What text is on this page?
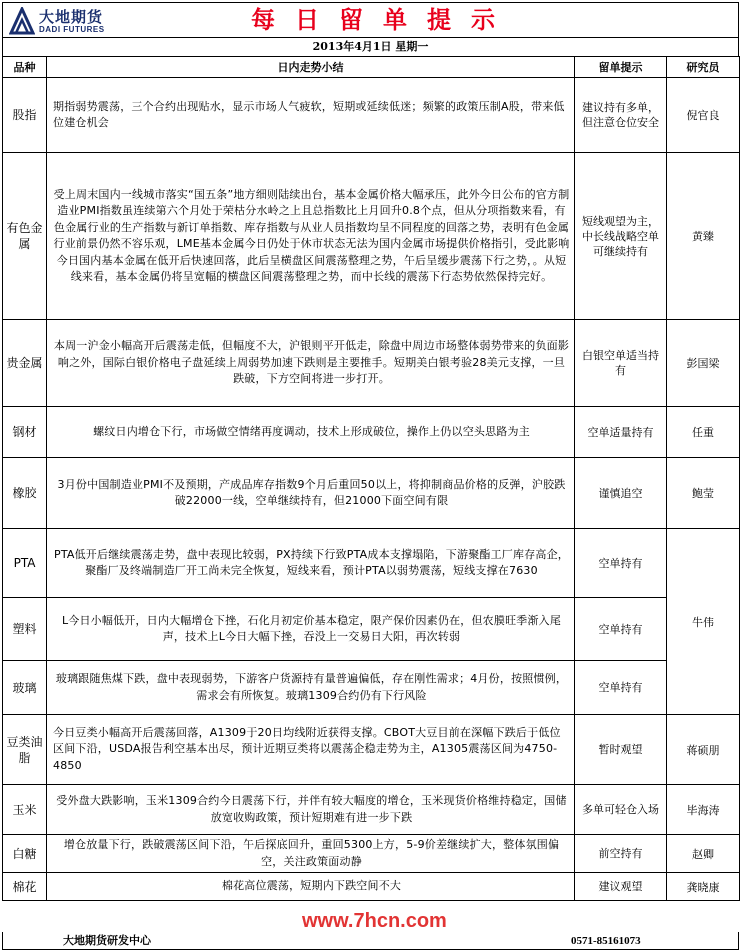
大地期货
DADI FUTURES	每日留单提示
2013年4月1日 星期一
品种	日内走势小结	留单提示	研究员
股指	期指弱势震荡，三个合约出现贴水，显示市场人气疲软，短期或延续低迷；频繁的政策压制A股，带来低位建仓机会	建议持有多单，但注意仓位安全	倪官良
有色金属	受上周末国内一线城市落实“国五条”地方细则陆续出台，基本金属价格大幅承压，此外今日公布的官方制造业PMI指数虽连续第六个月处于荣枯分水岭之上且总指数比上月回升0.8个点，但从分项指数来看，有色金属行业的生产指数与新订单指数、库存指数与从业人员指数均呈不同程度的回落之势，表明有色金属行业前景仍然不容乐观，LME基本金属今日仍处于休市状态无法为国内金属市场提供价格指引，受此影响今日国内基本金属在低开后快速回落，此后呈横盘区间震荡整理之势，午后呈缓步震荡下行之势，。从短线来看，基本金属仍将呈宽幅的横盘区间震荡整理之势，而中长线的震荡下行态势依然保持完好。	短线观望为主，中长线战略空单可继续持有	黄臻
贵金属	本周一沪金小幅高开后震荡走低，但幅度不大，沪银则平开低走，除盘中周边市场整体弱势带来的负面影响之外，国际白银价格电子盘延续上周弱势加速下跌则是主要推手。短期美白银考验28美元支撑，一旦跌破，下方空间将进一步打开。	白银空单适当持有	彭国梁
钢材	螺纹日内增仓下行，市场做空情绪再度调动，技术上形成破位，操作上仍以空头思路为主	空单适量持有	任重
橡胶	3月份中国制造业PMI不及预期，产成品库存指数9个月后重回50以上，将抑制商品价格的反弹，沪胶跌破22000一线，空单继续持有，但21000下面空间有限	谨慎追空	鲍莹
PTA	PTA低开后继续震荡走势，盘中表现比较弱，PX持续下行致PTA成本支撑塌陷，下游聚酯工厂库存高企，聚酯厂及终端制造厂开工尚未完全恢复，短线来看，预计PTA以弱势震荡，短线支撑在7630	空单持有	牛伟
塑料	L今日小幅低开，日内大幅增仓下挫，石化月初定价基本稳定，限产保价因素仍在，但农膜旺季渐入尾声，技术上L今日大幅下挫，吞没上一交易日大阳，再次转弱	空单持有	
玻璃	玻璃跟随焦煤下跌，盘中表现弱势，下游客户货源持有量普遍偏低，存在刚性需求；4月份，按照惯例，需求会有所恢复。玻璃1309合约仍有下行风险	空单持有	
豆类油脂	今日豆类小幅高开后震荡回落，A1309于20日均线附近获得支撑。CBOT大豆目前在深幅下跌后于低位区间下沿，USDA报告利空基本出尽，预计近期豆类将以震荡企稳走势为主，A1305震荡区间为4750-4850	暂时观望	蒋硕朋
玉米	受外盘大跌影响，玉米1309合约今日震荡下行，并伴有较大幅度的增仓，玉米现货价格维持稳定，国储放宽收购政策，预计短期难有进一步下跌	多单可轻仓入场	毕海涛
白糖	增仓放量下行，跌破震荡区间下沿，午后探底回升，重回5300上方，5-9价差继续扩大，整体氛围偏空，关注政策面动静	前空持有	赵卿
棉花	棉花高位震荡，短期内下跌空间不大	建议观望	龚晓康
www.7hcn.com
大地期货研发中心	0571-85161073
